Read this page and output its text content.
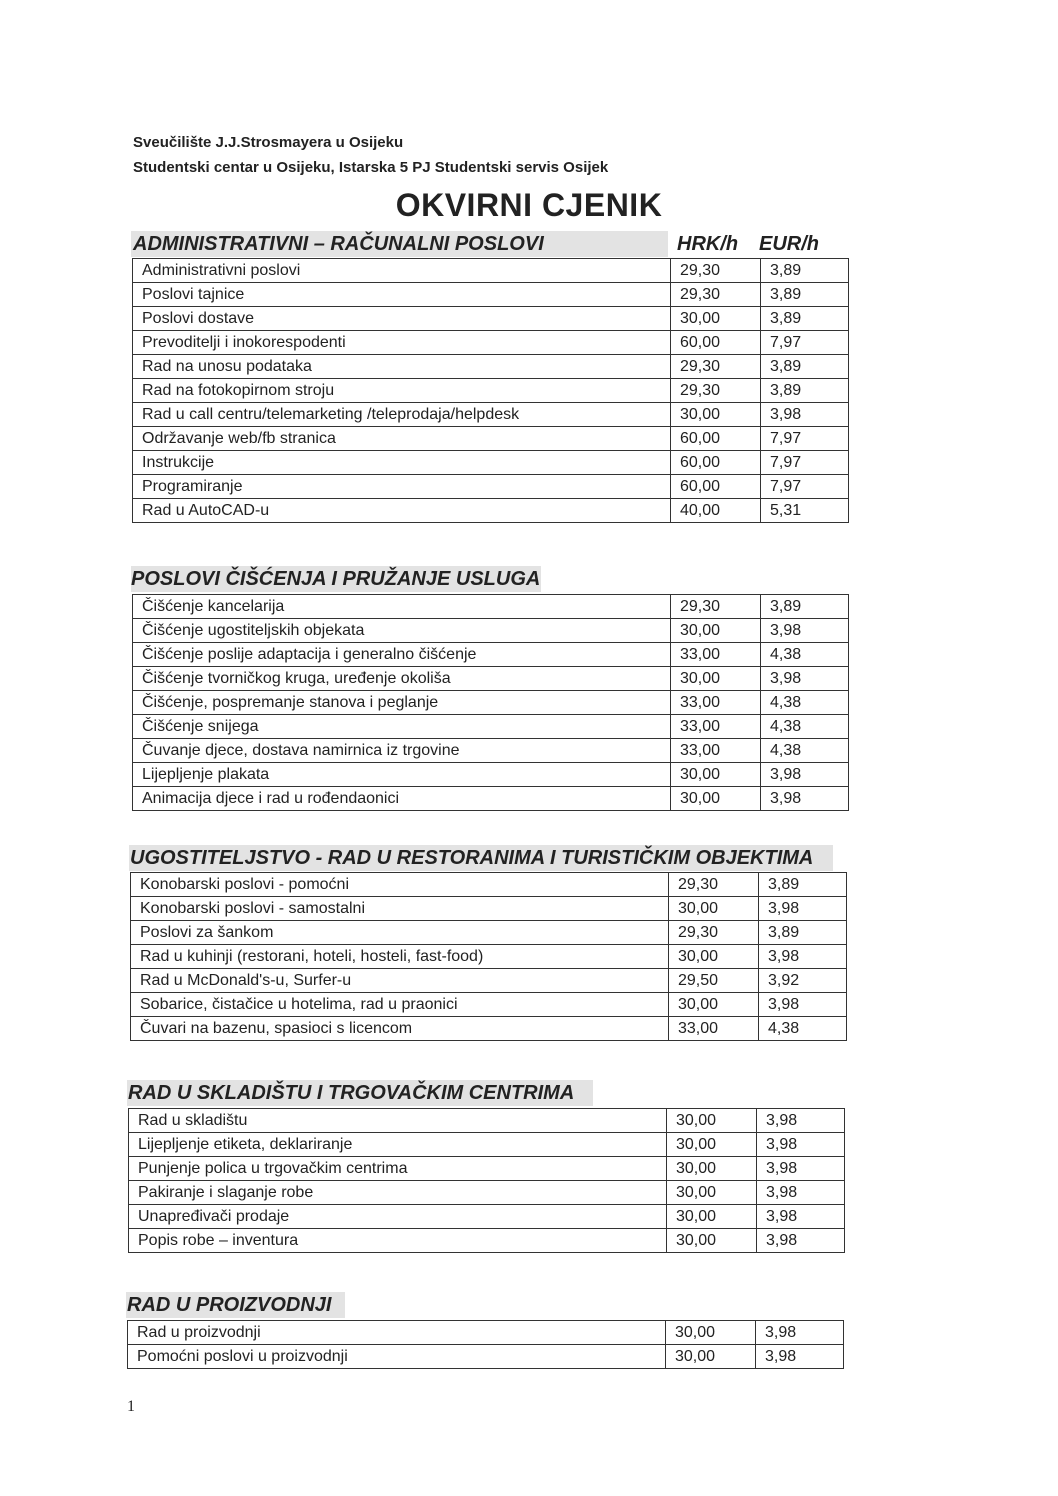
Sveučilište J.J.Strosmayera u Osijeku
Studentski centar u Osijeku, Istarska 5 PJ Studentski servis Osijek
OKVIRNI CJENIK
ADMINISTRATIVNI – RAČUNALNI POSLOVI	HRK/h EUR/h
Administrativni poslovi	29,30	3,89
Poslovi tajnice	29,30	3,89
Poslovi dostave	30,00	3,89
Prevoditelji i inokorespodenti	60,00	7,97
Rad na unosu podataka	29,30	3,89
Rad na fotokopirnom stroju	29,30	3,89
Rad u call centru/telemarketing /teleprodaja/helpdesk	30,00	3,98
Održavanje web/fb stranica	60,00	7,97
Instrukcije	60,00	7,97
Programiranje	60,00	7,97
Rad u AutoCAD-u	40,00	5,31
POSLOVI ČIŠĆENJA I PRUŽANJE USLUGA
Čišćenje kancelarija	29,30	3,89
Čišćenje ugostiteljskih objekata	30,00	3,98
Čišćenje poslije adaptacija i generalno čišćenje	33,00	4,38
Čišćenje tvorničkog kruga, uređenje okoliša	30,00	3,98
Čišćenje, pospremanje stanova i peglanje	33,00	4,38
Čišćenje snijega	33,00	4,38
Čuvanje djece, dostava namirnica iz trgovine	33,00	4,38
Lijepljenje plakata	30,00	3,98
Animacija djece i rad u rođendaonici	30,00	3,98
UGOSTITELJSTVO - RAD U RESTORANIMA I TURISTIČKIM OBJEKTIMA
Konobarski poslovi - pomoćni	29,30	3,89
Konobarski poslovi - samostalni	30,00	3,98
Poslovi za šankom	29,30	3,89
Rad u kuhinji (restorani, hoteli, hosteli, fast-food)	30,00	3,98
Rad u McDonald's-u, Surfer-u	29,50	3,92
Sobarice, čistačice u hotelima, rad u praonici	30,00	3,98
Čuvari na bazenu, spasioci s licencom	33,00	4,38
RAD U SKLADIŠTU I TRGOVAČKIM CENTRIMA
Rad u skladištu	30,00	3,98
Lijepljenje etiketa, deklariranje	30,00	3,98
Punjenje polica u trgovačkim centrima	30,00	3,98
Pakiranje i slaganje robe	30,00	3,98
Unapređivači prodaje	30,00	3,98
Popis robe – inventura	30,00	3,98
RAD U PROIZVODNJI
Rad u proizvodnji	30,00	3,98
Pomoćni poslovi u proizvodnji	30,00	3,98
1
